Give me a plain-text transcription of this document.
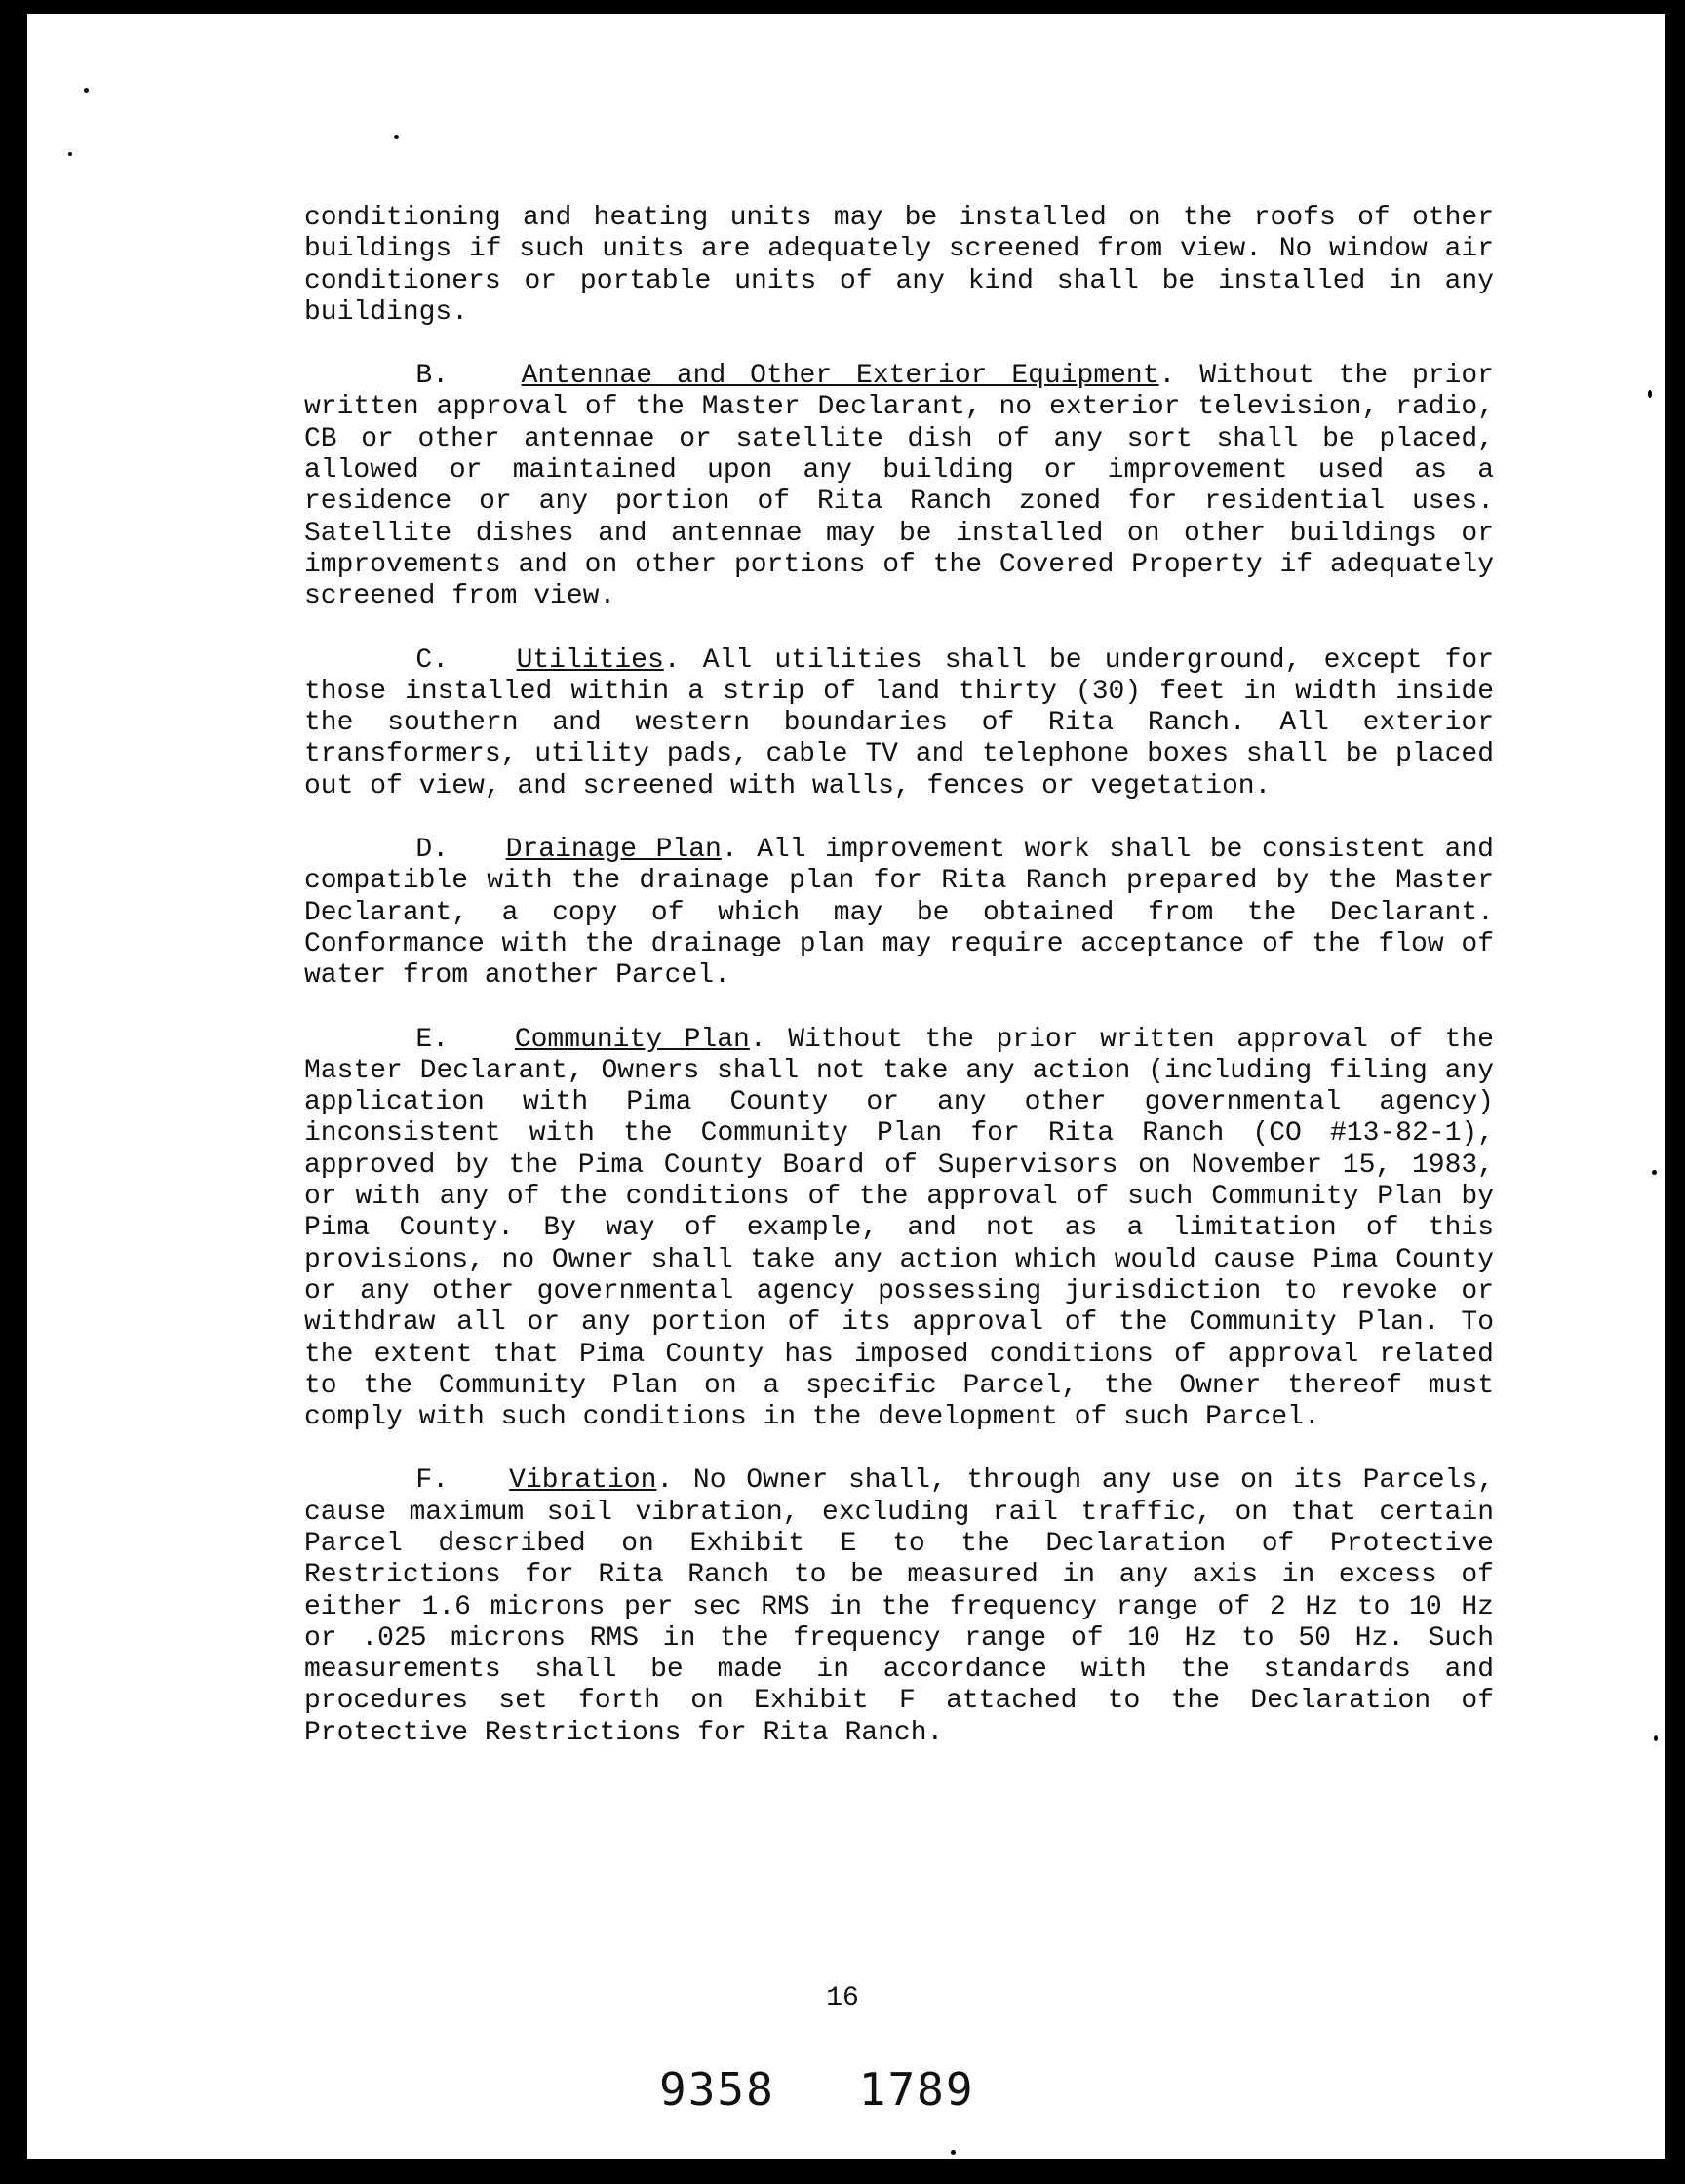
conditioning and heating units may be installed on the roofs of other buildings if such units are adequately screened from view. No window air conditioners or portable units of any kind shall be installed in any buildings.

B.	Antennae and Other Exterior Equipment. Without the prior written approval of the Master Declarant, no exterior television, radio, CB or other antennae or satellite dish of any sort shall be placed, allowed or maintained upon any building or improvement used as a residence or any portion of Rita Ranch zoned for residential uses. Satellite dishes and antennae may be installed on other buildings or improvements and on other portions of the Covered Property if adequately screened from view.

C. Utilities. All utilities shall be underground, except for those installed within a strip of land thirty (30) feet in width inside the southern and western boundaries of Rita Ranch. All exterior transformers, utility pads, cable TV and telephone boxes shall be placed out of view, and screened with walls, fences or vegetation.

D. Drainage Plan. All improvement work shall be consistent and compatible with the drainage plan for Rita Ranch prepared by the Master Declarant, a copy of which may be obtained from the Declarant. Conformance with the drainage plan may require acceptance of the flow of water from another Parcel.

E. Community Plan. Without the prior written approval of the Master Declarant, Owners shall not take any action (including filing any application with Pima County or any other governmental agency) inconsistent with the Community Plan for Rita Ranch (CO #13-82-1), approved by the Pima County Board of Supervisors on November 15, 1983, or with any of the conditions of the approval of such Community Plan by Pima County. By way of example, and not as a limitation of this provisions, no Owner shall take any action which would cause Pima County or any other governmental agency possessing jurisdiction to revoke or withdraw all or any portion of its approval of the Community Plan. To the extent that Pima County has imposed conditions of approval related to the Community Plan on a specific Parcel, the Owner thereof must comply with such conditions in the development of such Parcel.

F. Vibration. No Owner shall, through any use on its Parcels, cause maximum soil vibration, excluding rail traffic, on that certain Parcel described on Exhibit E to the Declaration of Protective Restrictions for Rita Ranch to be measured in any axis in excess of either 1.6 microns per sec RMS in the frequency range of 2 Hz to 10 Hz or .025 microns RMS in the frequency range of 10 Hz to 50 Hz. Such measurements shall be made in accordance with the standards and procedures set forth on Exhibit F attached to the Declaration of Protective Restrictions for Rita Ranch.

16
9358 1789
